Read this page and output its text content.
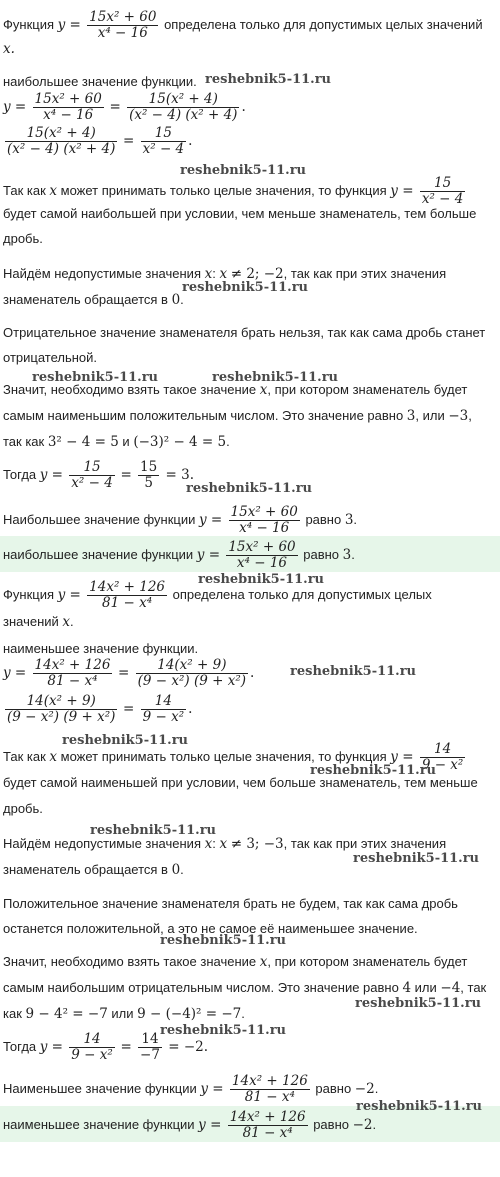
Функция $y = \frac{\text{15x² + 60}}{\text{x⁴ − 16}}$ определена только для допустимых целых значений
x.
наибольшее значение функции.
$y = \frac{\text{15x² + 60}}{\text{x⁴ − 16}} = \frac{\text{15(x² + 4)}}{\text{(x² − 4) (x² + 4)}}$ .
$\frac{\text{15(x² + 4)}}{\text{(x² − 4) (x² + 4)}} = \frac{15}{\text{x² − 4}}$ .
Так как x может принимать только целые значения, то функция $y = \frac{15}{\text{x² − 4}}$
будет самой наибольшей при условии, чем меньше знаменатель, тем больше
дробь.
Найдём недопустимые значения x: x ≠ 2; −2, так как при этих значения
знаменатель обращается в 0.
Отрицательное значение знаменателя брать нельзя, так как сама дробь станет
отрицательной.
Значит, необходимо взять такое значение x, при котором знаменатель будет
самым наименьшим положительным числом. Это значение равно 3, или −3,
так как 3² − 4 = 5 и (−3)² − 4 = 5.
Тогда $y = \frac{15}{\text{x² − 4}} = \frac{15}{5} = 3$.
Наибольшее значение функции $y = \frac{\text{15x² + 60}}{\text{x⁴ − 16}}$ равно 3.
наибольшее значение функции $y = \frac{\text{15x² + 60}}{\text{x⁴ − 16}}$ равно 3.
Функция $y = \frac{\text{14x² + 126}}{\text{81 − x⁴}}$ определена только для допустимых целых
значений x.
наименьшее значение функции.
$y = \frac{\text{14x² + 126}}{\text{81 − x⁴}} = \frac{\text{14(x² + 9)}}{\text{(9 − x²) (9 + x²)}}$ .
$\frac{\text{14(x² + 9)}}{\text{(9 − x²) (9 + x²)}} = \frac{14}{\text{9 − x²}}$ .
Так как x может принимать только целые значения, то функция $y = \frac{14}{\text{9 − x²}}$
будет самой наименьшей при условии, чем больше знаменатель, тем меньше
дробь.
Найдём недопустимые значения x: x ≠ 3; −3, так как при этих значения
знаменатель обращается в 0.
Положительное значение знаменателя брать не будем, так как сама дробь
останется положительной, а это не самое её наименьшее значение.
Значит, необходимо взять такое значение x, при котором знаменатель будет
самым наибольшим отрицательным числом. Это значение равно 4 или −4, так
как 9 − 4² = −7 или 9 − (−4)² = −7.
Тогда $y = \frac{14}{\text{9 − x²}} = \frac{14}{-7} = -2$.
Наименьшее значение функции $y = \frac{\text{14x² + 126}}{\text{81 − x⁴}}$ равно −2.
наименьшее значение функции $y = \frac{\text{14x² + 126}}{\text{81 − x⁴}}$ равно −2.
reshebnik5-11.ru
reshebnik5-11.ru
reshebnik5-11.ru
reshebnik5-11.ru	reshebnik5-11.ru
reshebnik5-11.ru
reshebnik5-11.ru
reshebnik5-11.ru
reshebnik5-11.ru
reshebnik5-11.ru
reshebnik5-11.ru
reshebnik5-11.ru
reshebnik5-11.ru
reshebnik5-11.ru
reshebnik5-11.ru
reshebnik5-11.ru
